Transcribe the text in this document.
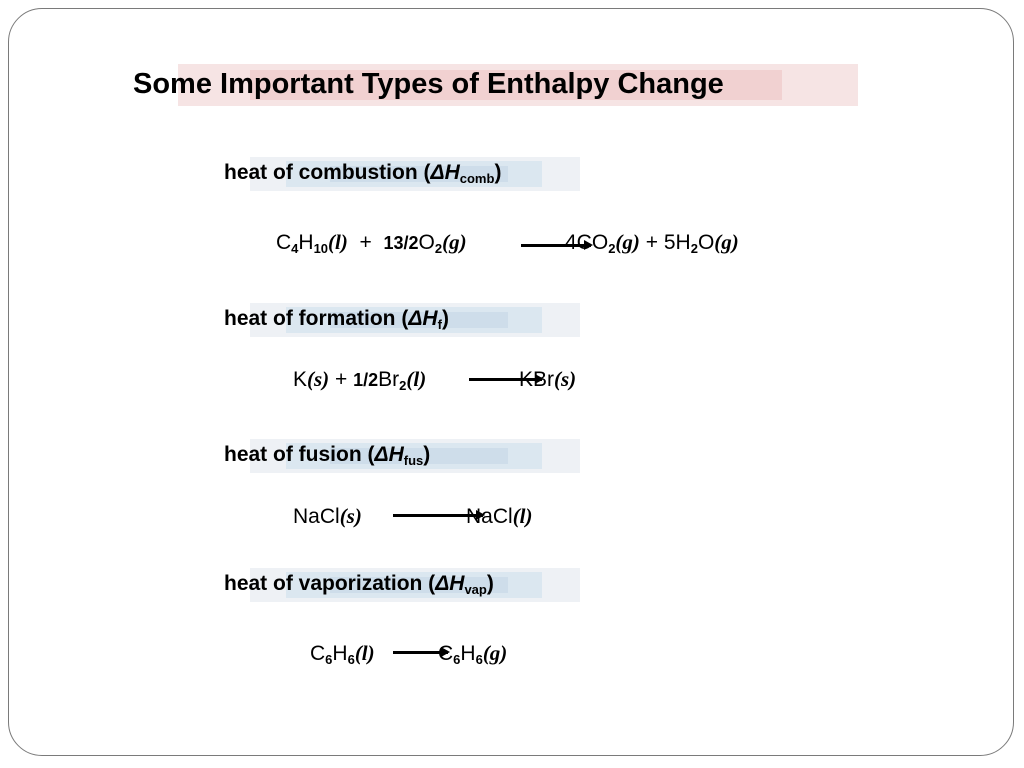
Some Important Types of Enthalpy Change
heat of combustion $(\Delta H_{comb})$
$C_4H_{10}(l) + 13/2O_2(g)$	$4CO_2(g) + 5H_2O(g)$
heat of formation $(\Delta H_f)$
$K(s) + 1/2Br_2(l)$	KBr(s)
heat of fusion $(\Delta H_{fus})$
NaCl(s)	NaCl(l)
heat of vaporization $(\Delta H_{vap})$
$C_6H_6(l)$ →
$C_6H_6(g)$
